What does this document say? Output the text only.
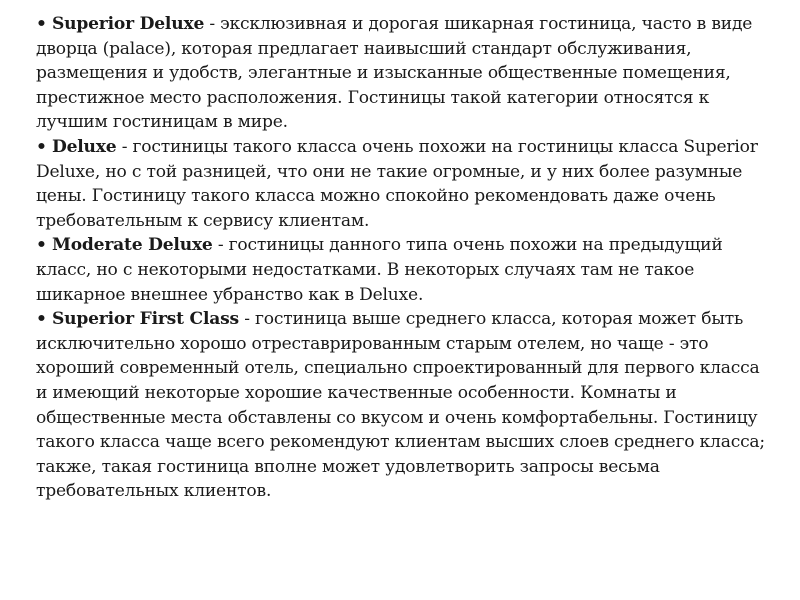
• Superior Deluxe - эксклюзивная и дорогая шикарная гостиница, часто в виде дворца (palace), которая предлагает наивысший стандарт обслуживания, размещения и удобств, элегантные и изысканные общественные помещения, престижное место расположения. Гостиницы такой категории относятся к лучшим гостиницам в мире.

• Deluxe - гостиницы такого класса очень похожи на гостиницы класса Superior Deluxe, но с той разницей, что они не такие огромные, и у них более разумные цены. Гостиницу такого класса можно спокойно рекомендовать даже очень требовательным к сервису клиентам.

• Moderate Deluxe - гостиницы данного типа очень похожи на предыдущий класс, но с некоторыми недостатками. В некоторых случаях там не такое шикарное внешнее убранство как в Deluxe.

• Superior First Class - гостиница выше среднего класса, которая может быть исключительно хорошо отреставрированным старым отелем, но чаще - это хороший современный отель, специально спроектированный для первого класса и имеющий некоторые хорошие качественные особенности. Комнаты и общественные места обставлены со вкусом и очень комфортабельны. Гостиницу такого класса чаще всего рекомендуют клиентам высших слоев среднего класса; также, такая гостиница вполне может удовлетворить запросы весьма требовательных клиентов.
